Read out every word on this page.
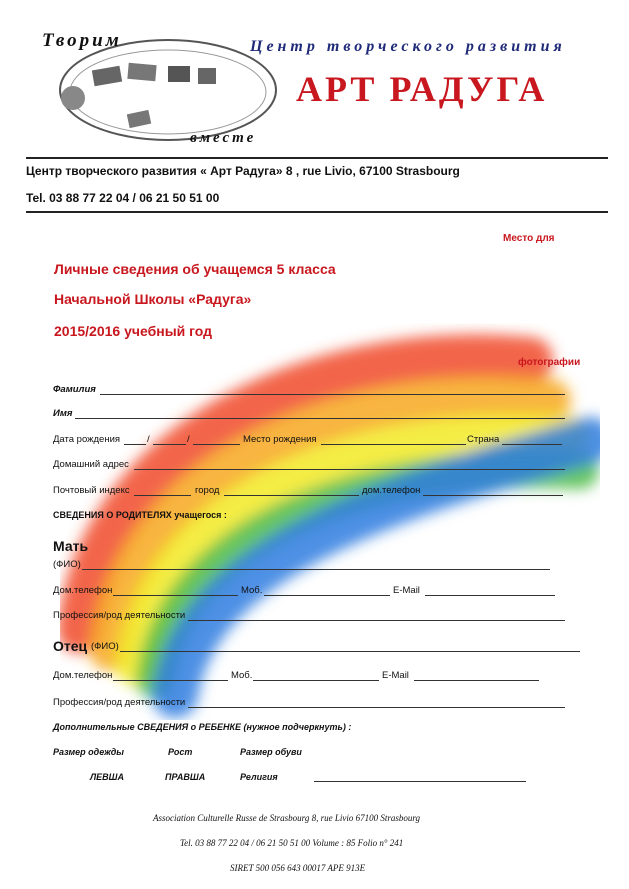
Творим
вместе
Центр творческого развития
АРТ РАДУГА
Центр творческого развития « Арт Радуга» 8 , rue Livio, 67100 Strasbourg
Tel. 03 88 77 22 04 / 06 21 50 51 00
Место для
фотографии
Личные сведения об учащемся 5 класса
Начальной Школы «Радуга»
2015/2016 учебный год
Фамилия
Имя
Дата рождения	/	/	Место рождения	Страна
Домашний адрес
Почтовый индекс	город	дом.телефон
СВЕДЕНИЯ О РОДИТЕЛЯХ учащегося :
Мать
(ФИО)
Дом.телефон	Моб.	E-Mail
Профессия/род деятельности
Отец (ФИО)
Дом.телефон	Моб.	E-Mail
Профессия/род деятельности
Дополнительные СВЕДЕНИЯ о РЕБЕНКЕ (нужное подчеркнуть) :
Размер одежды	Рост	Размер обуви
ЛЕВША	ПРАВША	Религия
Association Culturelle Russe de Strasbourg 8, rue Livio 67100 Strasbourg
Tel. 03 88 77 22 04 / 06 21 50 51 00 Volume : 85 Folio n° 241
SIRET 500 056 643 00017 APE 913E
